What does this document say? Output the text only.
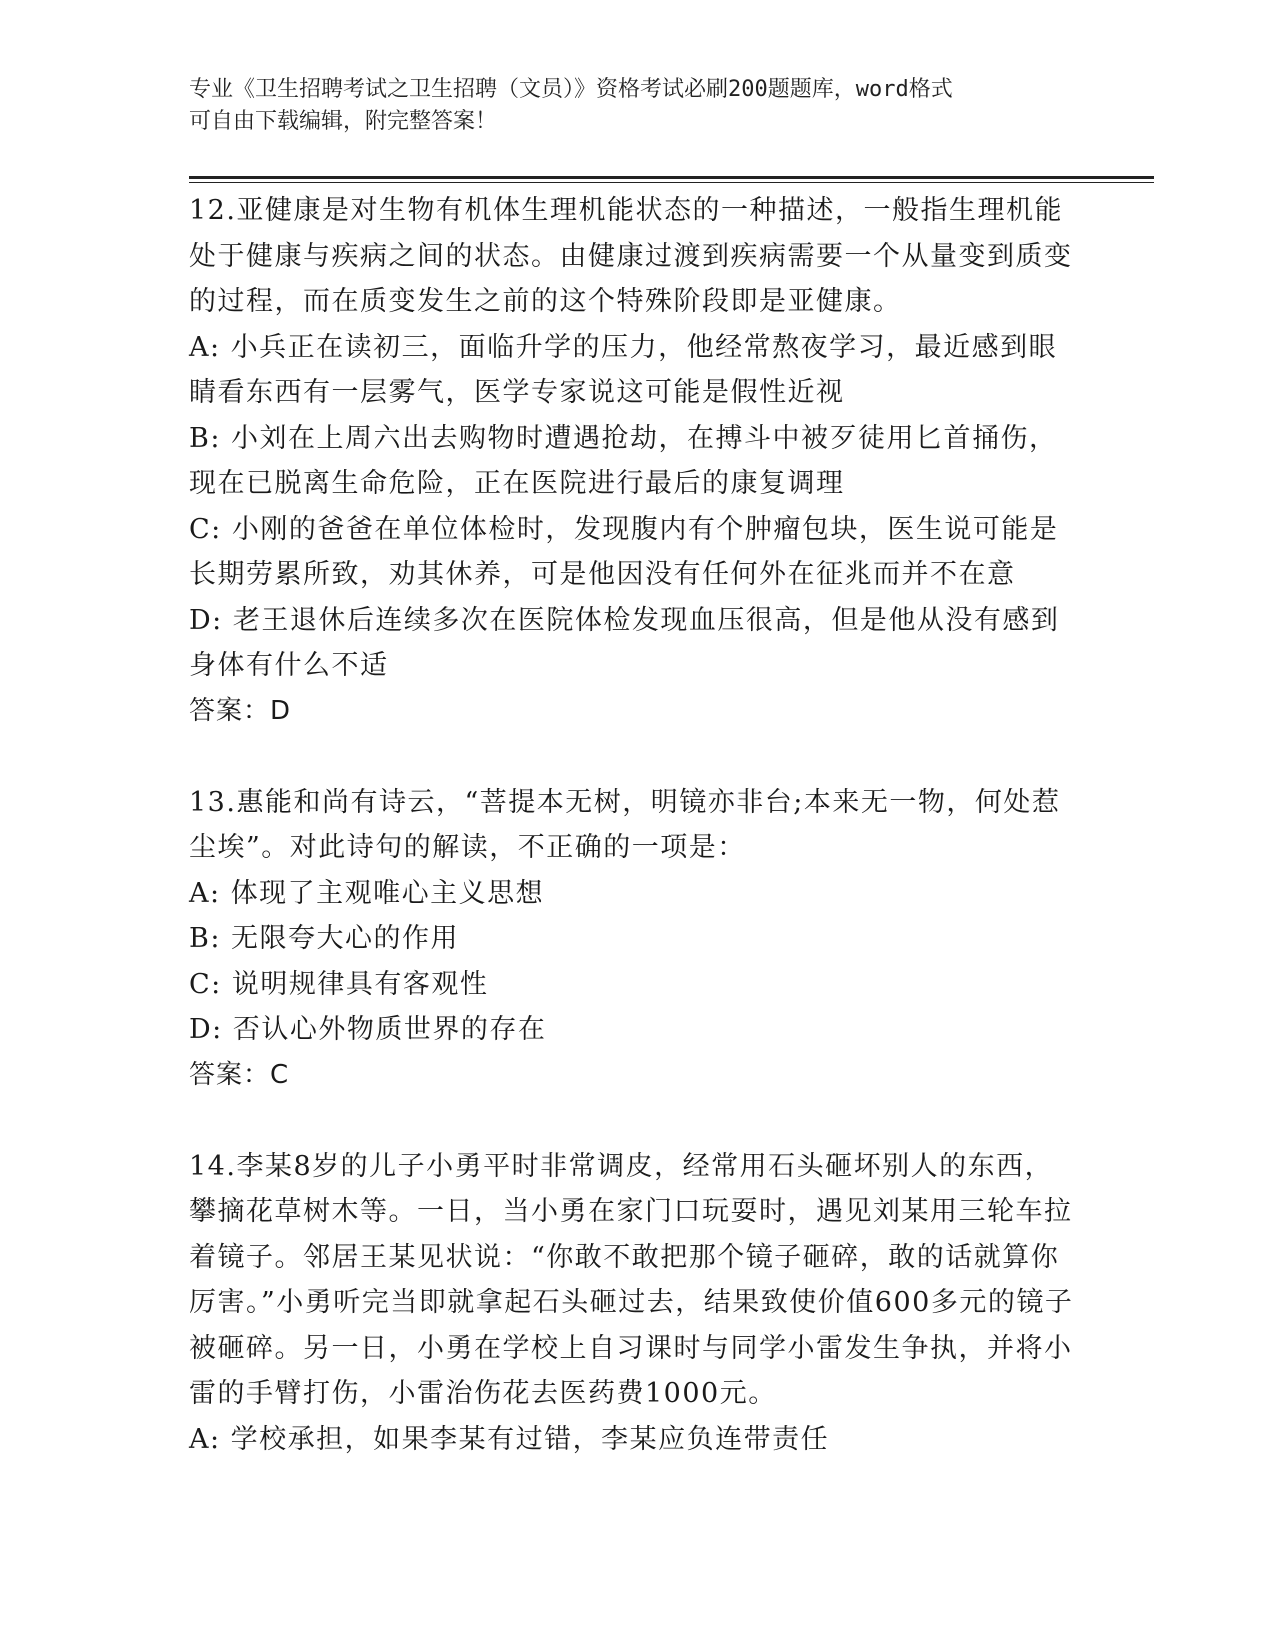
专业《卫生招聘考试之卫生招聘（文员）》资格考试必刷200题题库，word格式
可自由下载编辑，附完整答案！

12.亚健康是对生物有机体生理机能状态的一种描述，一般指生理机能处于健康与疾病之间的状态。由健康过渡到疾病需要一个从量变到质变的过程，而在质变发生之前的这个特殊阶段即是亚健康。

A: 小兵正在读初三，面临升学的压力，他经常熬夜学习，最近感到眼睛看东西有一层雾气，医学专家说这可能是假性近视

B: 小刘在上周六出去购物时遭遇抢劫，在搏斗中被歹徒用匕首捅伤，现在已脱离生命危险，正在医院进行最后的康复调理

C: 小刚的爸爸在单位体检时，发现腹内有个肿瘤包块，医生说可能是长期劳累所致，劝其休养，可是他因没有任何外在征兆而并不在意

D: 老王退休后连续多次在医院体检发现血压很高，但是他从没有感到身体有什么不适

答案：D

13.惠能和尚有诗云，“菩提本无树，明镜亦非台;本来无一物，何处惹尘埃”。对此诗句的解读，不正确的一项是：

A: 体现了主观唯心主义思想

B: 无限夸大心的作用

C: 说明规律具有客观性

D: 否认心外物质世界的存在

答案：C

14.李某8岁的儿子小勇平时非常调皮，经常用石头砸坏别人的东西，攀摘花草树木等。一日，当小勇在家门口玩耍时，遇见刘某用三轮车拉着镜子。邻居王某见状说：“你敢不敢把那个镜子砸碎，敢的话就算你厉害。”小勇听完当即就拿起石头砸过去，结果致使价值600多元的镜子被砸碎。另一日，小勇在学校上自习课时与同学小雷发生争执，并将小雷的手臂打伤，小雷治伤花去医药费1000元。

A: 学校承担，如果李某有过错，李某应负连带责任
